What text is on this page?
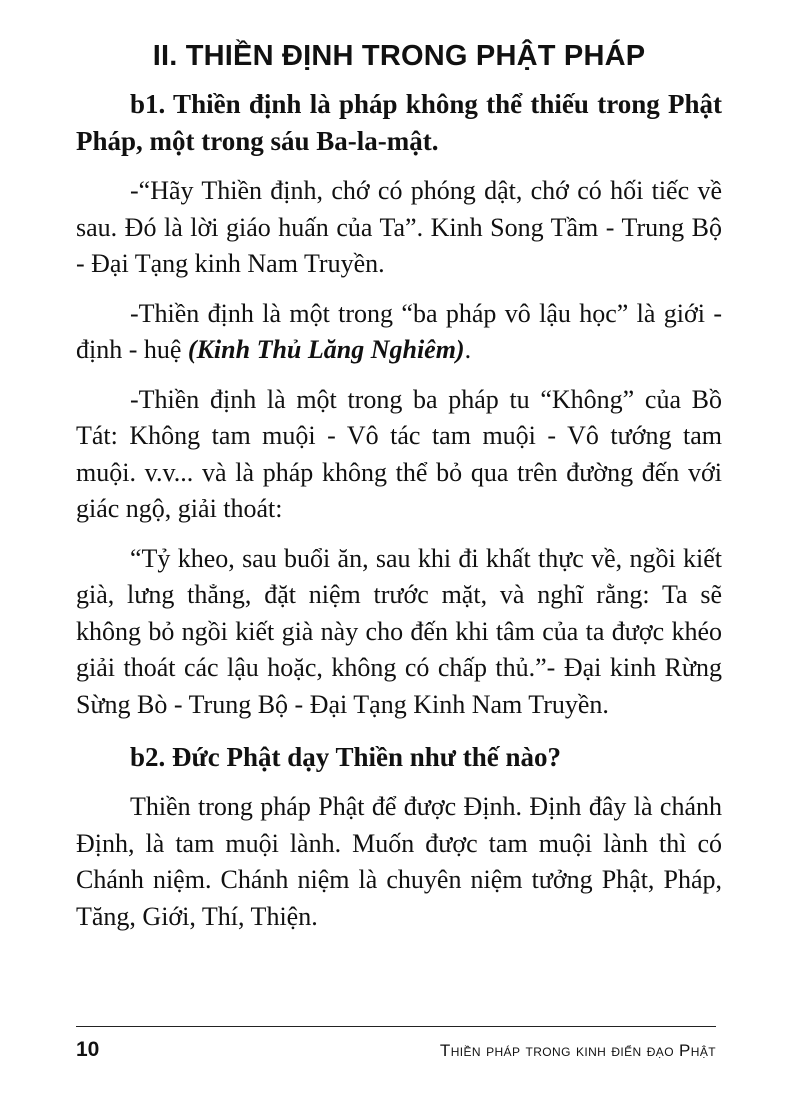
II. THIỀN ĐỊNH TRONG PHẬT PHÁP

b1. Thiền định là pháp không thể thiếu trong Phật Pháp, một trong sáu Ba-la-mật.

-“Hãy Thiền định, chớ có phóng dật, chớ có hối tiếc về sau. Đó là lời giáo huấn của Ta”. Kinh Song Tầm - Trung Bộ - Đại Tạng kinh Nam Truyền.

-Thiền định là một trong “ba pháp vô lậu học” là giới - định - huệ (Kinh Thủ Lăng Nghiêm).

-Thiền định là một trong ba pháp tu “Không” của Bồ Tát: Không tam muội - Vô tác tam muội - Vô tướng tam muội. v.v... và là pháp không thể bỏ qua trên đường đến với giác ngộ, giải thoát:

“Tỷ kheo, sau buổi ăn, sau khi đi khất thực về, ngồi kiết già, lưng thẳng, đặt niệm trước mặt, và nghĩ rằng: Ta sẽ không bỏ ngồi kiết già này cho đến khi tâm của ta được khéo giải thoát các lậu hoặc, không có chấp thủ.”- Đại kinh Rừng Sừng Bò - Trung Bộ - Đại Tạng Kinh Nam Truyền.

b2. Đức Phật dạy Thiền như thế nào?

Thiền trong pháp Phật để được Định. Định đây là chánh Định, là tam muội lành. Muốn được tam muội lành thì có Chánh niệm. Chánh niệm là chuyên niệm tưởng Phật, Pháp, Tăng, Giới, Thí, Thiện.

10	Thiền pháp trong kinh điển đạo Phật
